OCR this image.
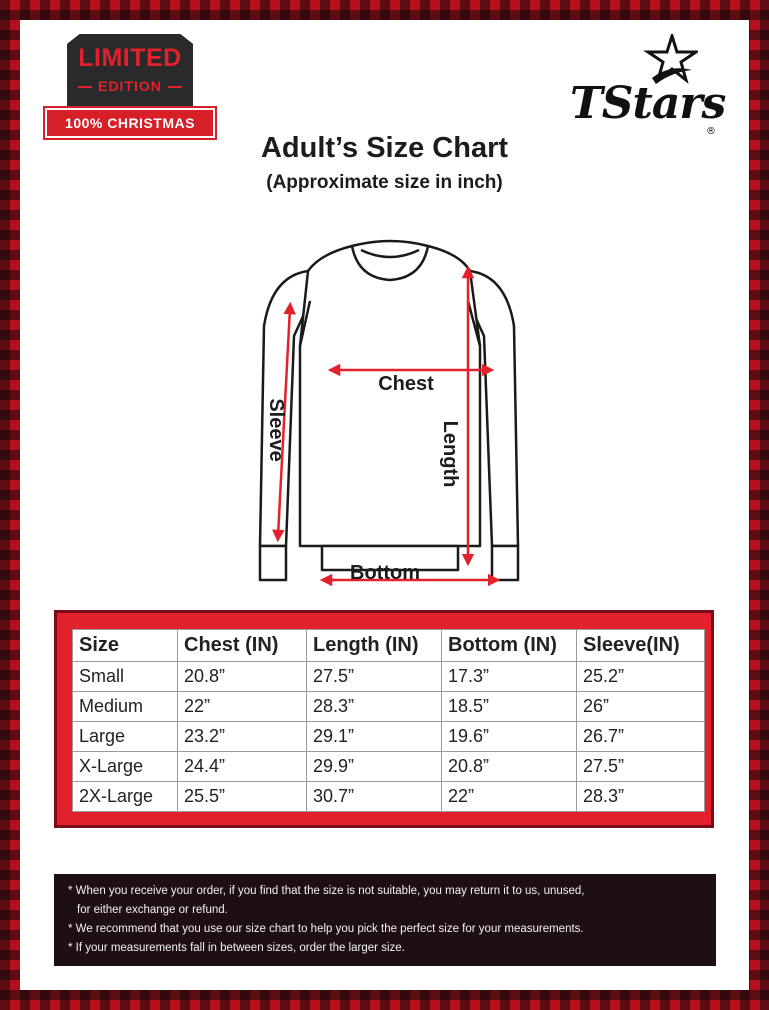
LIMITED
EDITION
100% CHRISTMAS	TStars
®
Adult’s Size Chart
(Approximate size in inch)
Chest
Length
Sleeve
Bottom
Size	Chest (IN)	Length (IN)	Bottom (IN)	Sleeve(IN)
Small	20.8”	27.5”	17.3”	25.2”
Medium	22”	28.3”	18.5”	26”
Large	23.2”	29.1”	19.6”	26.7”
X-Large	24.4”	29.9”	20.8”	27.5”
2X-Large	25.5”	30.7”	22”	28.3”
* When you receive your order, if you find that the size is not suitable, you may return it to us, unused,
for either exchange or refund.
* We recommend that you use our size chart to help you pick the perfect size for your measurements.
* If your measurements fall in between sizes, order the larger size.
